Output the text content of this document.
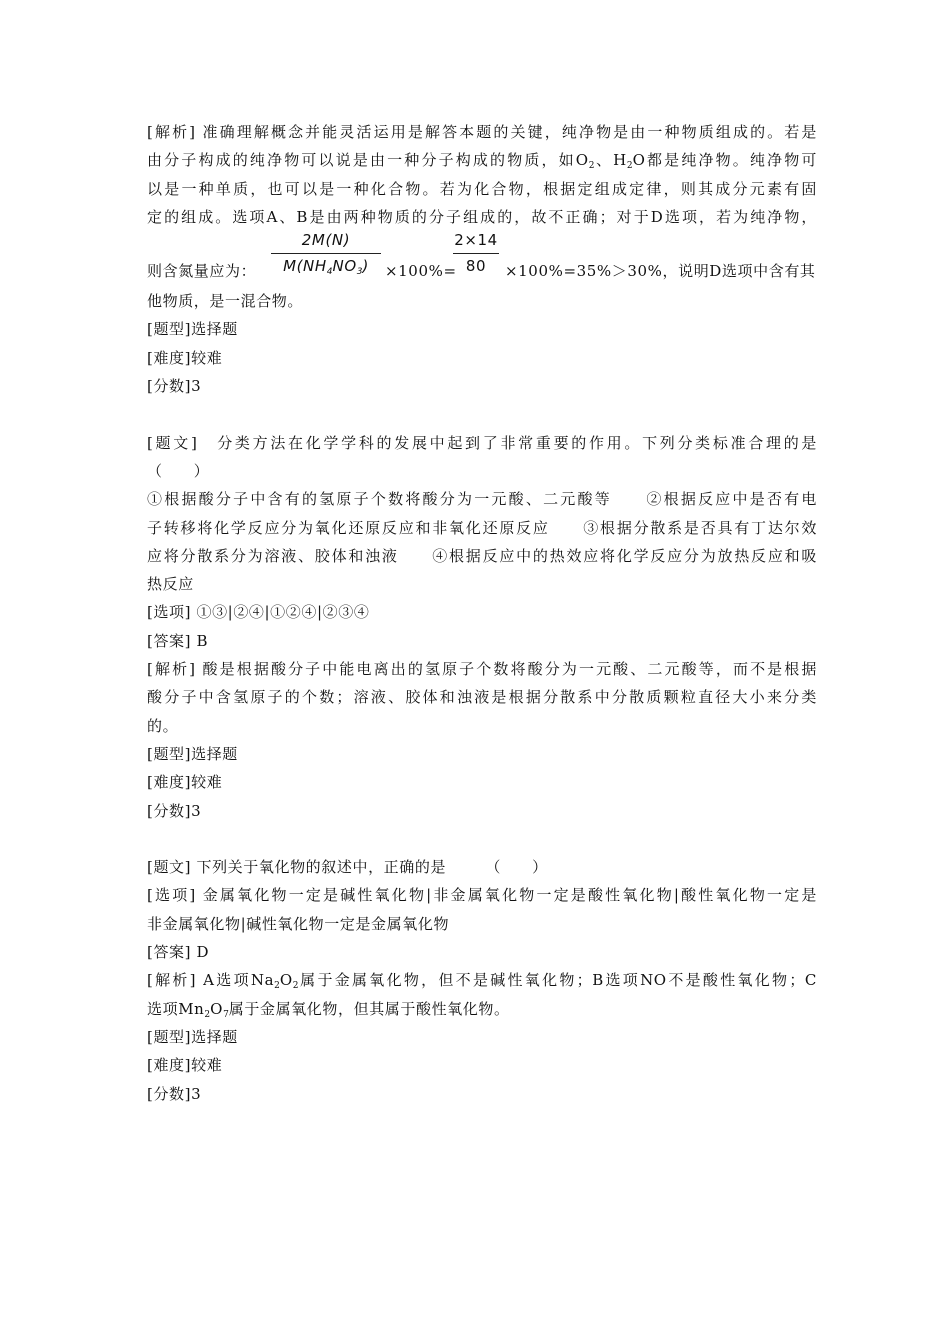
[解析] 准确理解概念并能灵活运用是解答本题的关键，纯净物是由一种物质组成的。若是
由分子构成的纯净物可以说是由一种分子构成的物质，如$O_2$、$H_2O$都是纯净物。纯净物可
以是一种单质，也可以是一种化合物。若为化合物，根据定组成定律，则其成分元素有固
定的组成。选项A、B是由两种物质的分子组成的，故不正确；对于D选项，若为纯净物，
则含氮量应为： $\frac{2M(N)}{M(NH_4NO_3)} \times 100\%=$
$\frac{2\times 14}{80} \times 100\%=35\%>30\%$，说明D选项中含有其
他物质，是一混合物。
[题型]选择题
[难度]较难
[分数]3
[题文]　分类方法在化学学科的发展中起到了非常重要的作用。下列分类标准合理的是
（　　）
①根据酸分子中含有的氢原子个数将酸分为一元酸、二元酸等　　②根据反应中是否有电
子转移将化学反应分为氧化还原反应和非氧化还原反应　　③根据分散系是否具有丁达尔效
应将分散系分为溶液、胶体和浊液　　④根据反应中的热效应将化学反应分为放热反应和吸
热反应
[选项] ①③|②④|①②④|②③④
[答案] B
[解析] 酸是根据酸分子中能电离出的氢原子个数将酸分为一元酸、二元酸等，而不是根据
酸分子中含氢原子的个数；溶液、胶体和浊液是根据分散系中分散质颗粒直径大小来分类
的。
[题型]选择题
[难度]较难
[分数]3
[题文] 下列关于氧化物的叙述中，正确的是　　　（　　）
[选项] 金属氧化物一定是碱性氧化物|非金属氧化物一定是酸性氧化物|酸性氧化物一定是
非金属氧化物|碱性氧化物一定是金属氧化物
[答案] D
[解析] A选项$Na_2O_2$属于金属氧化物，但不是碱性氧化物；B选项NO不是酸性氧化物；C
选项$Mn_2O_7$属于金属氧化物，但其属于酸性氧化物。
[题型]选择题
[难度]较难
[分数]3
